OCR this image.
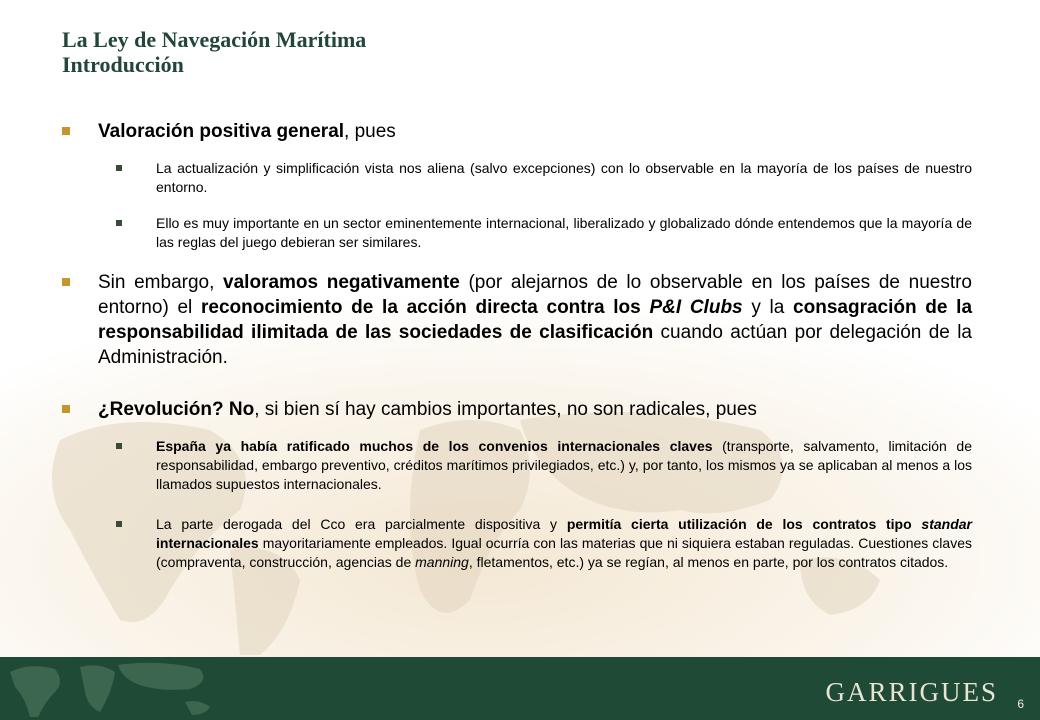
La Ley de Navegación Marítima
Introducción
Valoración positiva general, pues
La actualización y simplificación vista nos aliena (salvo excepciones) con lo observable en la mayoría de los países de nuestro entorno.
Ello es muy importante en un sector eminentemente internacional, liberalizado y globalizado dónde entendemos que la mayoría de las reglas del juego debieran ser similares.
Sin embargo, valoramos negativamente (por alejarnos de lo observable en los países de nuestro entorno) el reconocimiento de la acción directa contra los P&I Clubs y la consagración de la responsabilidad ilimitada de las sociedades de clasificación cuando actúan por delegación de la Administración.
¿Revolución? No, si bien sí hay cambios importantes, no son radicales, pues
España ya había ratificado muchos de los convenios internacionales claves (transporte, salvamento, limitación de responsabilidad, embargo preventivo, créditos marítimos privilegiados, etc.) y, por tanto, los mismos ya se aplicaban al menos a los llamados supuestos internacionales.
La parte derogada del Cco era parcialmente dispositiva y permitía cierta utilización de los contratos tipo standar internacionales mayoritariamente empleados. Igual ocurría con las materias que ni siquiera estaban reguladas. Cuestiones claves (compraventa, construcción, agencias de manning, fletamentos, etc.) ya se regían, al menos en parte, por los contratos citados.
GARRIGUES 6
